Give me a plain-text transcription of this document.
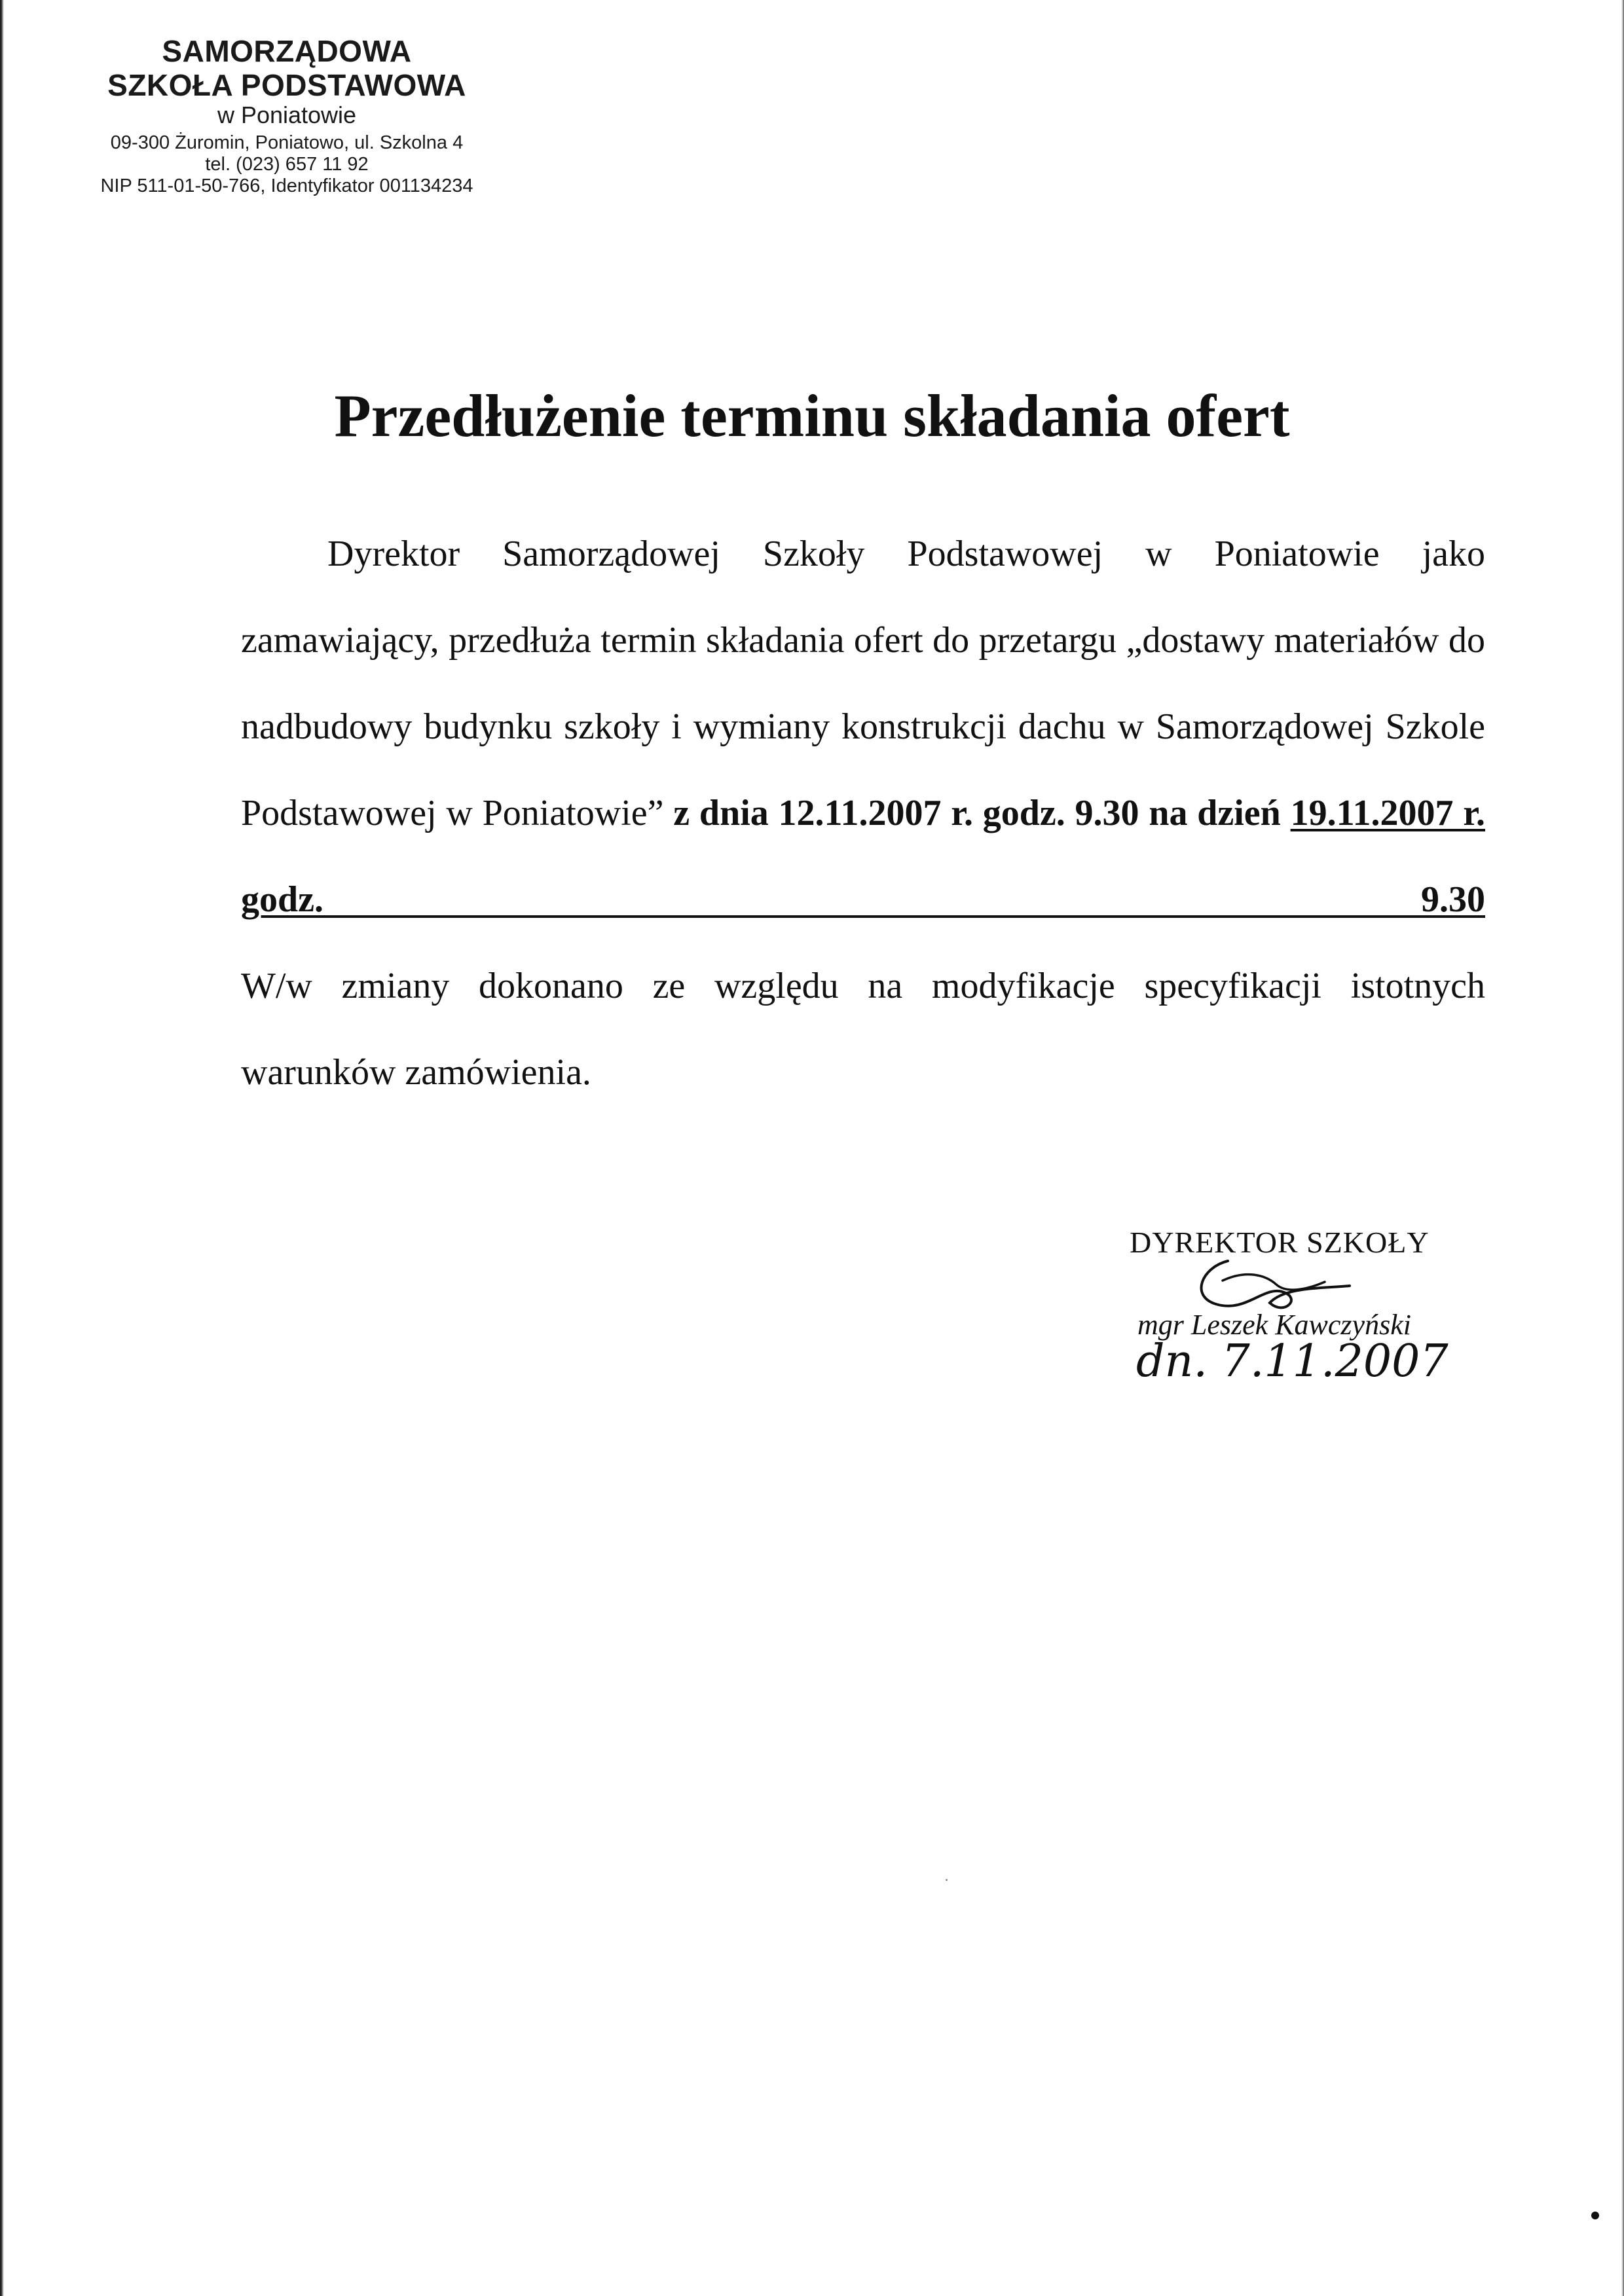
SAMORZĄDOWA
SZKOŁA PODSTAWOWA
w Poniatowie
09-300 Żuromin, Poniatowo, ul. Szkolna 4
tel. (023) 657 11 92
NIP 511-01-50-766, Identyfikator 001134234
Przedłużenie terminu składania ofert

Dyrektor Samorządowej Szkoły Podstawowej w Poniatowie jako zamawiający, przedłuża termin składania ofert do przetargu „dostawy materiałów do nadbudowy budynku szkoły i wymiany konstrukcji dachu w Samorządowej Szkole Podstawowej w Poniatowie” z dnia 12.11.2007 r. godz. 9.30 na dzień 19.11.2007 r. godz. 9.30

W/w zmiany dokonano ze względu na modyfikacje specyfikacji istotnych
warunków zamówienia.
DYREKTOR SZKOŁY
mgr Leszek Kawczyński
dn. 7.11.2007
